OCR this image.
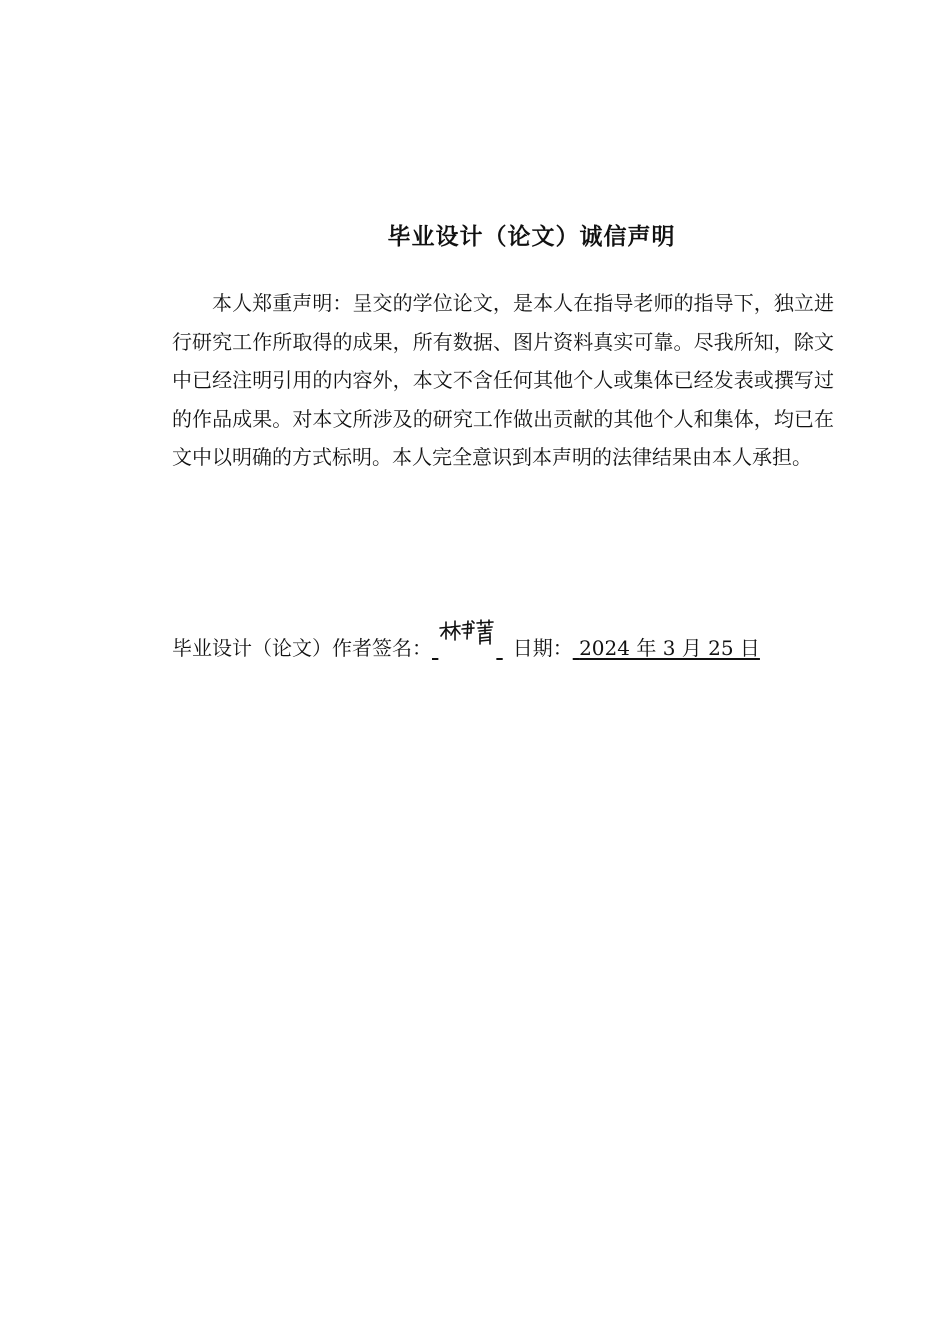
毕业设计（论文）诚信声明

本人郑重声明：呈交的学位论文，是本人在指导老师的指导下，独立进行研究工作所取得的成果，所有数据、图片资料真实可靠。尽我所知，除文中已经注明引用的内容外，本文不含任何其他个人或集体已经发表或撰写过的作品成果。对本文所涉及的研究工作做出贡献的其他个人和集体，均已在文中以明确的方式标明。本人完全意识到本声明的法律结果由本人承担。

毕业设计（论文）作者签名：	日期： 2024 年 3 月 25 日
